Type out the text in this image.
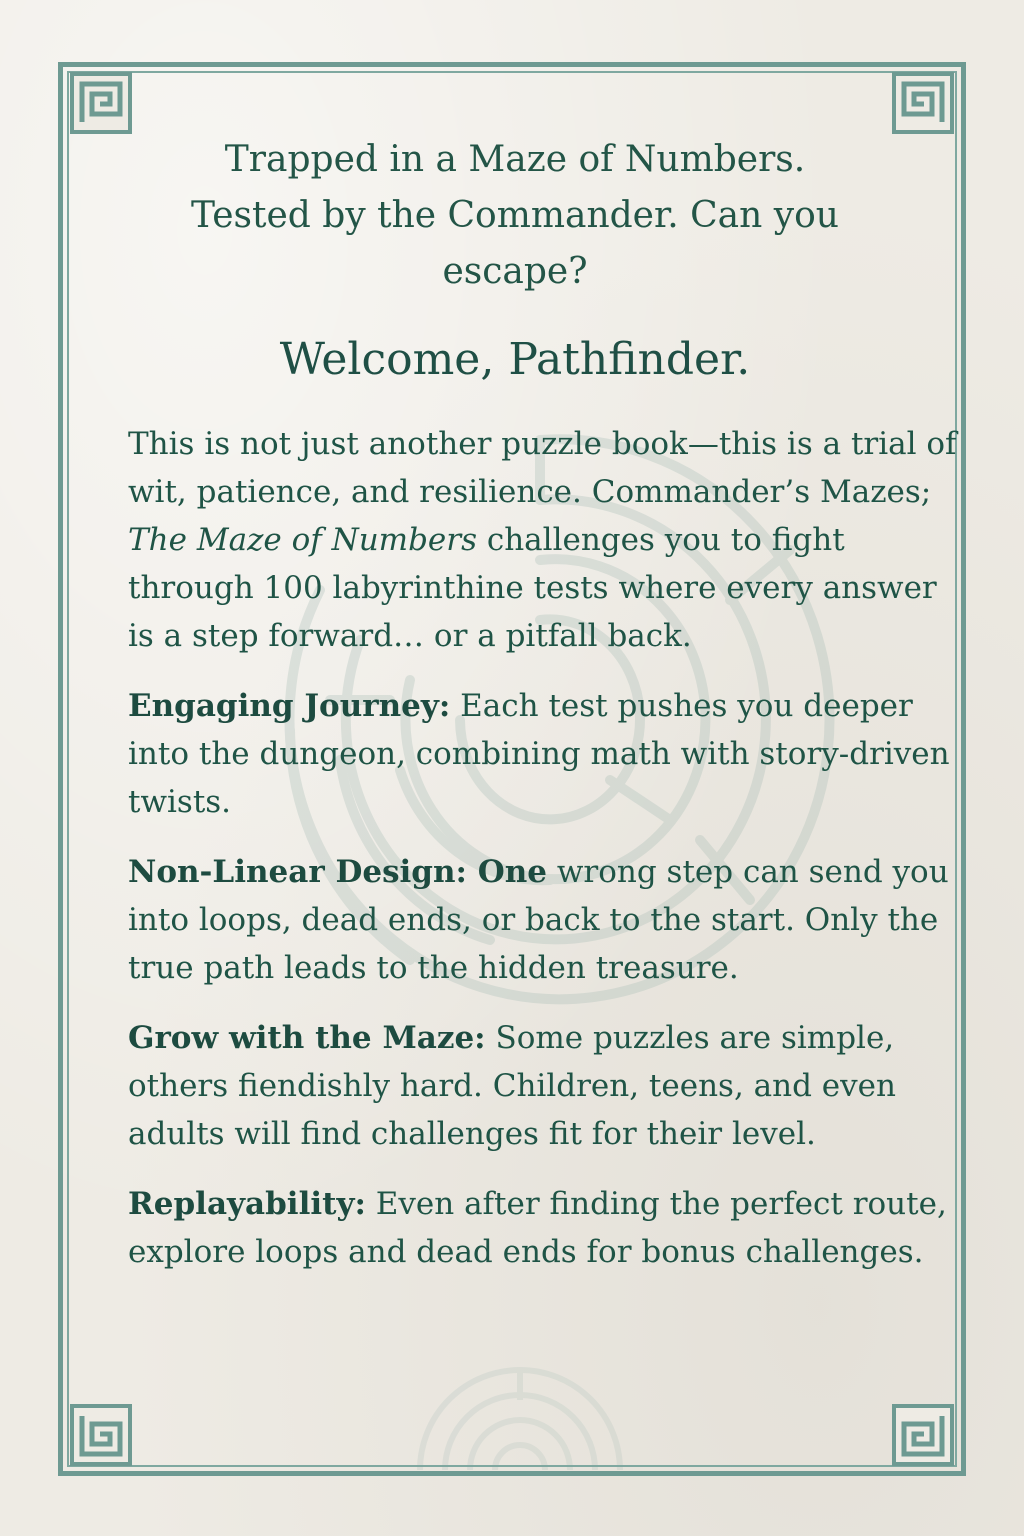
Trapped in a Maze of Numbers.
Tested by the Commander. Can you
escape?

Welcome, Pathfinder.

This is not just another puzzle book—this is a trial of wit, patience, and resilience. Commander’s Mazes; The Maze of Numbers challenges you to fight through 100 labyrinthine tests where every answer is a step forward… or a pitfall back.

Engaging Journey: Each test pushes you deeper into the dungeon, combining math with story-driven twists.

Non-Linear Design: One wrong step can send you into loops, dead ends, or back to the start. Only the true path leads to the hidden treasure.

Grow with the Maze: Some puzzles are simple, others fiendishly hard. Children, teens, and even adults will find challenges fit for their level.

Replayability: Even after finding the perfect route, explore loops and dead ends for bonus challenges.
